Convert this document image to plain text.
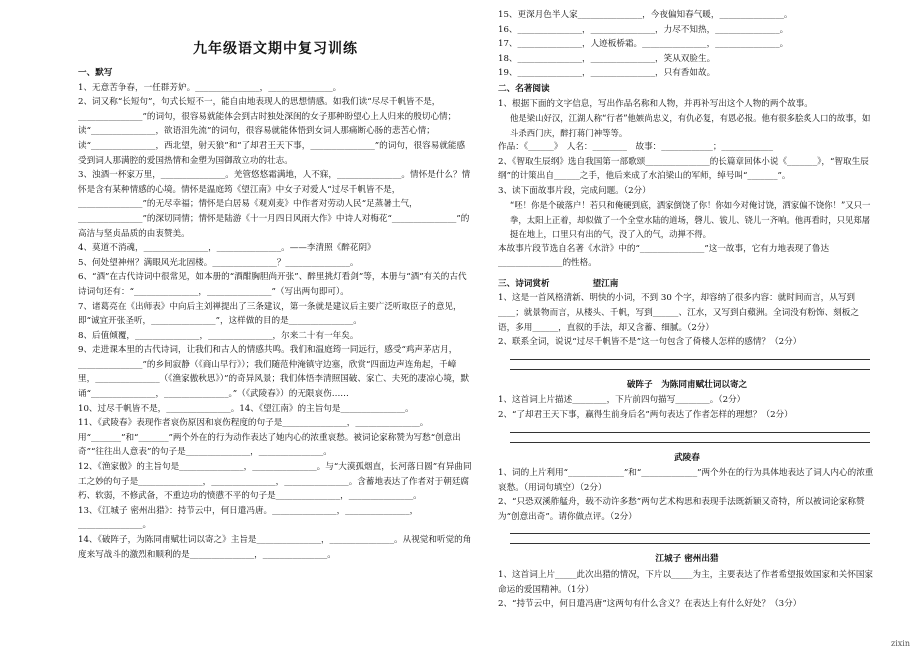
九年级语文期中复习训练
一、默写

1、无意苦争春，一任群芳妒。_______________，_______________。

2、词又称“长短句”，句式长短不一，能自由地表现人的思想情感。如我们读“尽尽千帆皆不是，_______________”的词句，很容易就能体会到古时独处深闺的女子那种盼望心上人归来的殷切心情；读“_______________，欲语泪先流”的词句，很容易就能体悟到女词人那痛断心肠的悲苦心情；读“_______________，西北望，射天狼”和“了却君王天下事，_______________”的词句，很容易就能感受到词人那满腔的爱国热情和金塑为国御敌立功的壮志。

3、浊酒一杯家万里，_______________。羌管悠悠霜满地，人不寐，_______________。情怀是什么？情怀是含有某种情感的心境。情怀是温庭筠《望江南》中女子对爱人“过尽千帆皆不是，_______________”的无尽幸福；情怀是白居易《观刈麦》中作者对劳动人民“足蒸暑土气，_______________”的深切同情；情怀是陆游《十一月四日风雨大作》中诗人对梅花“_______________”的高洁与坚贞品质的由衷赞美。

4、莫道不消魂，_______________，_______________。——李清照《醉花阴》

5、何处望神州？满眼风光北固楼。_______________？_______________。

6、“酒”在古代诗词中很常见，如本册的“酒酣胸胆尚开张”、醉里挑灯看剑”等，本册与“酒”有关的古代诗词句还有：“_______________，_______________”（写出两句即可）。

7、诸葛亮在《出师表》中向后主刘禅提出了三条建议，第一条就是建议后主要广泛听取臣子的意见，即“诚宜开张圣听，_______________”，这样做的目的是_______________。

8、后值倾覆，_______________，_______________，尔来二十有一年矣。

9、走进课本里的古代诗词，让我们和古人的情感共鸣。我们和温庭筠一同远行，感受“鸡声茅店月，_______________”的乡间寂静（《商山早行》）；我们随范仲淹镇守边塞，欣赏“四面边声连角起，千嶂里，_______________（《渔家傲秋思》）”的奇异风景；我们体悟李清照国破、家亡、夫死的凄凉心境，默诵“_______________，_______________。”（《武陵春》）的无限哀伤……

10、过尽千帆皆不是，_______________。14、《望江南》的主旨句是_______________。

11、《武陵春》表现作者哀伤原因和哀伤程度的句子是_______________，_______________。用“_______”和“_______”两个外在的行为动作表达了她内心的浓重哀愁。被词论家称赞为写愁“创意出奇”“往往出人意表”的句子是_______________，_______________。

12、《渔家傲》的主旨句是_______________，_______________。与“大漠孤烟直，长河落日圆”有异曲同工之妙的句子是_______________，_______________，_______________。含蓄地表达了作者对于朝廷腐朽、软弱，不修武备，不重边功的愤懑不平的句子是_______________，_______________。

13、《江城子 密州出猎》：持节云中，何日遣冯唐。_______________，_______________，_______________。

14、《破阵子，为陈同甫赋壮词以寄之》主旨是_______________，_______________。从视觉和听觉的角度来写战斗的激烈和顺利的是_______________，_______________。

15、更深月色半人家_______________，今夜偏知春气暖，_______________。

16、_______________，_______________，力尽不知热，_______________。

17、_______________，人迹板桥霜。_______________，_______________。

18、_______________，_______________，笑从双脸生。

19、_______________，_______________，只有香如故。

二、名著阅读

1、根据下面的文字信息，写出作品名称和人物，并再补写出这个人物的两个故事。

他是梁山好汉，江湖人称“行者”他嫉尚忠义，有仇必复，有恩必报。他有很多脍炙人口的故事，如斗杀西门庆，醉打蒋门神等等。

作品：《______》　人名：________　故事：____________；____________

2、《智取生辰纲》选自我国第一部歌颂_______________的长篇章回体小说《_______》，“智取生辰纲”的计策出自______之手，他后来成了水泊梁山的军师，绰号叫“_______”。

3、读下面故事片段，完成问题。（2分）

“呸！你是个破落户！若只和俺硬到底，洒家倒饶了你！你如今对俺讨饶，洒家偏不饶你！”又只一拳，太阳上正着，却似做了一个全堂水陆的道场，磬儿、钹儿、铙儿一齐响。他再看时，只见郑屠挺在地上，口里只有出的气，没了入的气，动掸不得。

本故事片段节选自名著《水浒》中的“_______________”这一故事，它有力地表现了鲁达_______________的性格。

三、诗词赏析	望江南

1、这是一首风格清新、明快的小词，不到 30 个字，却容纳了很多内容：就时间而言，从写到____；就景物而言，从楼头、千帆，写到______、江水，又写到白蘋洲。全词没有粉饰、刻板之语，多用______，直叙的手法，却又含蓄、细腻。（2分）

2、联系全词，说说“过尽千帆皆不是”这一句包含了倚楼人怎样的感情？（2分）

破阵子　为陈同甫赋壮词以寄之

1、这首词上片描述________，下片前四句描写________。（2分）

2、“了却君王天下事，赢得生前身后名”两句表达了作者怎样的理想？（2分）

武陵春

1、词的上片利用“_____________”和“_____________”两个外在的行为具体地表达了词人内心的浓重哀愁。（用词句填空）（2分）

2、“只恐双溪舴艋舟，载不动许多愁”两句艺术构思和表现手法既新颖又奇特，所以被词论家称赞为“创意出奇”。请你做点评。（2分）

江城子 密州出猎

1、这首词上片_____此次出猎的情况，下片以_____为主，主要表达了作者希望报效国家和关怀国家命运的爱国精神。（1分）

2、“持节云中，何日遣冯唐”这两句有什么含义？在表达上有什么好处？（3分）

zixin
